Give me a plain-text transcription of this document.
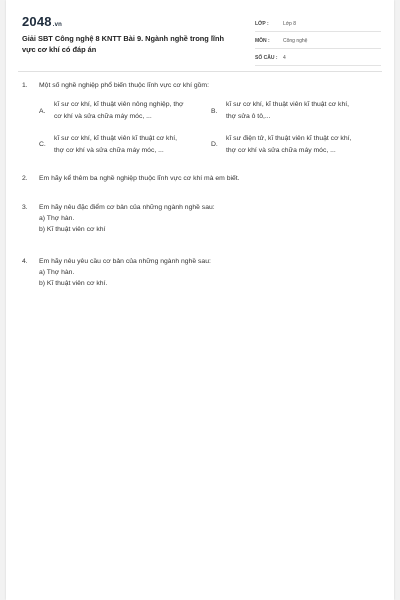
2048.vn
Giải SBT Công nghệ 8 KNTT Bài 9. Ngành nghề trong lĩnh vực cơ khí có đáp án
LỚP :	Lớp 8
MÔN :	Công nghệ
SỐ CÂU :	4
1. Một số nghề nghiệp phổ biến thuộc lĩnh vực cơ khí gồm:
A.
kĩ sư cơ khí, kĩ thuật viên nông nghiệp, thợ
cơ khí và sửa chữa máy móc, ...
B.
kĩ sư cơ khí, kĩ thuật viên kĩ thuật cơ khí,
thợ sửa ô tô,...
C.
kĩ sư cơ khí, kĩ thuật viên kĩ thuật cơ khí,
thợ cơ khí và sửa chữa máy móc, ...
D.
kĩ sư điện tử, kĩ thuật viên kĩ thuật cơ khí,
thợ cơ khí và sửa chữa máy móc, ...
2. Em hãy kể thêm ba nghề nghiệp thuộc lĩnh vực cơ khí mà em biết.
3. Em hãy nêu đặc điểm cơ bản của những ngành nghề sau:
a) Thợ hàn.
b) Kĩ thuật viên cơ khí
4. Em hãy nêu yêu cầu cơ bản của những ngành nghề sau:
a) Thợ hàn.
b) Kĩ thuật viên cơ khí.
